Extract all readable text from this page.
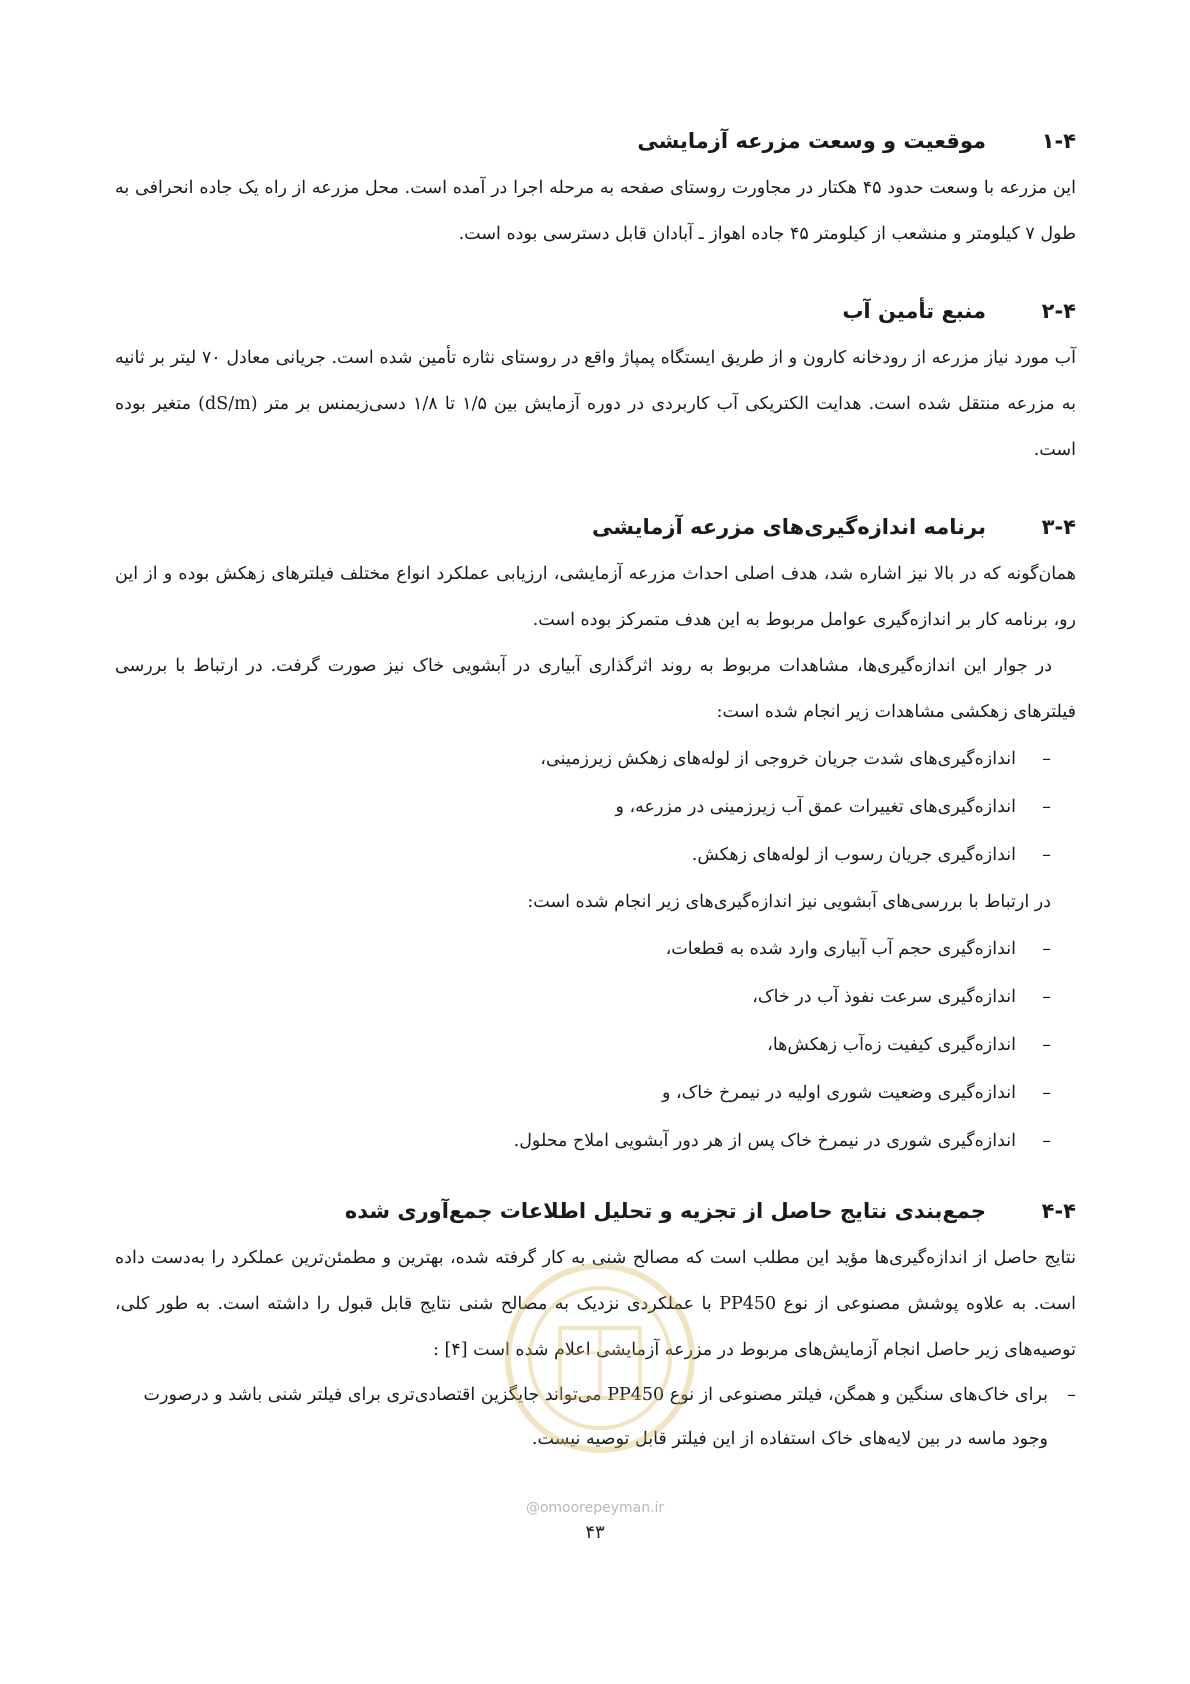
۱-۴موقعیت و وسعت مزرعه آزمایشی

این مزرعه با وسعت حدود ۴۵ هکتار در مجاورت روستای صفحه به مرحله اجرا در آمده است. محل مزرعه از راه یک جاده انحرافی به طول ۷ کیلومتر و منشعب از کیلومتر ۴۵ جاده اهواز ـ آبادان قابل دسترسی بوده است.

۲-۴منبع تأمین آب

آب مورد نیاز مزرعه از رودخانه کارون و از طریق ایستگاه پمپاژ واقع در روستای نثاره تأمین شده است. جریانی معادل ۷۰ لیتر بر ثانیه به مزرعه منتقل شده است. هدایت الکتریکی آب کاربردی در دوره آزمایش بین ۱/۵ تا ۱/۸ دسی‌زیمنس بر متر (dS/m) متغیر بوده است.

۳-۴برنامه اندازه‌گیری‌های مزرعه آزمایشی

همان‌گونه که در بالا نیز اشاره شد، هدف اصلی احداث مزرعه آزمایشی، ارزیابی عملکرد انواع مختلف فیلترهای زهکش بوده و از این رو، برنامه کار بر اندازه‌گیری عوامل مربوط به این هدف متمرکز بوده است.

در جوار این اندازه‌گیری‌ها، مشاهدات مربوط به روند اثرگذاری آبیاری در آبشویی خاک نیز صورت گرفت. در ارتباط با بررسی فیلترهای زهکشی مشاهدات زیر انجام شده است:

–
اندازه‌گیری‌های شدت جریان خروجی از لوله‌های زهکش زیرزمینی،
–
اندازه‌گیری‌های تغییرات عمق آب زیرزمینی در مزرعه، و
–
اندازه‌گیری جریان رسوب از لوله‌های زهکش.

در ارتباط با بررسی‌های آبشویی نیز اندازه‌گیری‌های زیر انجام شده است:

–
اندازه‌گیری حجم آب آبیاری وارد شده به قطعات،
–
اندازه‌گیری سرعت نفوذ آب در خاک،
–
اندازه‌گیری کیفیت زه‌آب زهکش‌ها،
–
اندازه‌گیری وضعیت شوری اولیه در نیمرخ خاک، و
–
اندازه‌گیری شوری در نیمرخ خاک پس از هر دور آبشویی املاح محلول.
۴-۴جمع‌بندی نتایج حاصل از تجزیه و تحلیل اطلاعات جمع‌آوری شده

نتایج حاصل از اندازه‌گیری‌ها مؤید این مطلب است که مصالح شنی به کار گرفته شده، بهترین و مطمئن‌ترین عملکرد را به‌دست داده است. به علاوه پوشش مصنوعی از نوع PP450 با عملکردی نزدیک به مصالح شنی نتایج قابل قبول را داشته است. به طور کلی، توصیه‌های زیر حاصل انجام آزمایش‌های مربوط در مزرعه آزمایشی اعلام شده است [۴] :

–
برای خاک‌های سنگین و همگن، فیلتر مصنوعی از نوع PP450 می‌تواند جایگزین اقتصادی‌تری برای فیلتر شنی باشد و درصورت وجود ماسه در بین لایه‌های خاک استفاده از این فیلتر قابل توصیه نیست.
@omoorepeyman.ir
۴۳
